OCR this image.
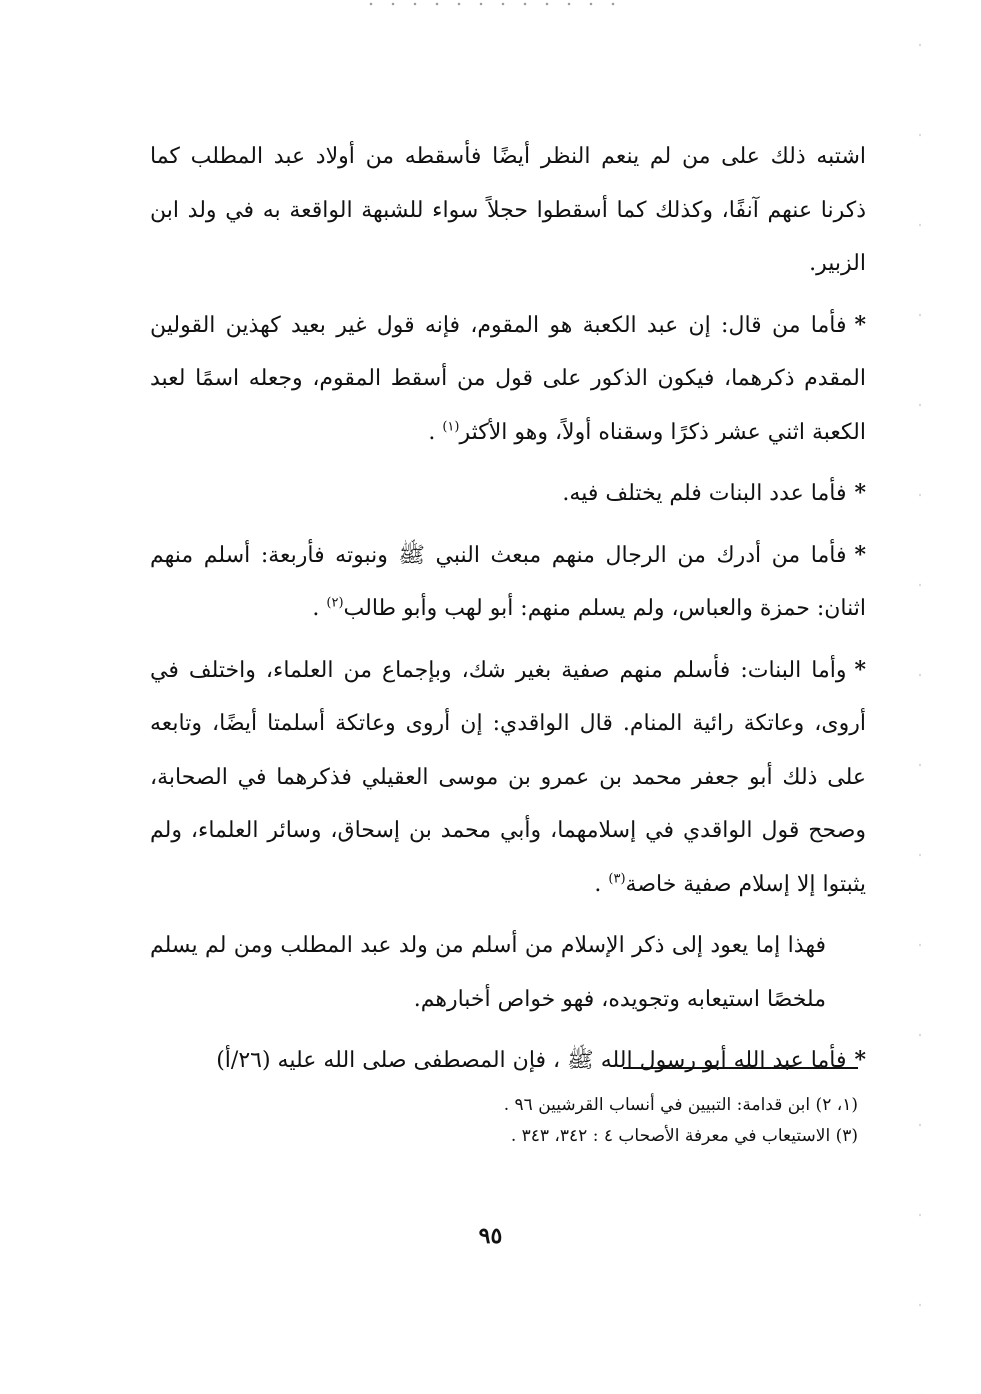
اشتبه ذلك على من لم ينعم النظر أيضًا فأسقطه من أولاد عبد المطلب كما ذكرنا عنهم آنفًا، وكذلك كما أسقطوا حجلاً سواء للشبهة الواقعة به في ولد ابن الزبير.

*فأما من قال: إن عبد الكعبة هو المقوم، فإنه قول غير بعيد كهذين القولين المقدم ذكرهما، فيكون الذكور على قول من أسقط المقوم، وجعله اسمًا لعبد الكعبة اثني عشر ذكرًا وسقناه أولاً، وهو الأكثر$^{(١)}$ .

*فأما عدد البنات فلم يختلف فيه.

*فأما من أدرك من الرجال منهم مبعث النبي ﷺ ونبوته فأربعة: أسلم منهم اثنان: حمزة والعباس، ولم يسلم منهم: أبو لهب وأبو طالب$^{(٢)}$ .

*وأما البنات: فأسلم منهم صفية بغير شك، وبإجماع من العلماء، واختلف في أروى، وعاتكة رائية المنام. قال الواقدي: إن أروى وعاتكة أسلمتا أيضًا، وتابعه على ذلك أبو جعفر محمد بن عمرو بن موسى العقيلي فذكرهما في الصحابة، وصحح قول الواقدي في إسلامهما، وأبي محمد بن إسحاق، وسائر العلماء، ولم يثبتوا إلا إسلام صفية خاصة$^{(٣)}$ .

فهذا إما يعود إلى ذكر الإسلام من أسلم من ولد عبد المطلب ومن لم يسلم ملخصًا استيعابه وتجويده، فهو خواص أخبارهم.

*فأما عبد الله أبو رسول الله ﷺ ، فإن المصطفى صلى الله عليه (٢٦/أ)

(١، ٢) ابن قدامة: التبيين في أنساب القرشيين ٩٦ .
(٣) الاستيعاب في معرفة الأصحاب ٤ : ٣٤٢، ٣٤٣ .
٩٥
